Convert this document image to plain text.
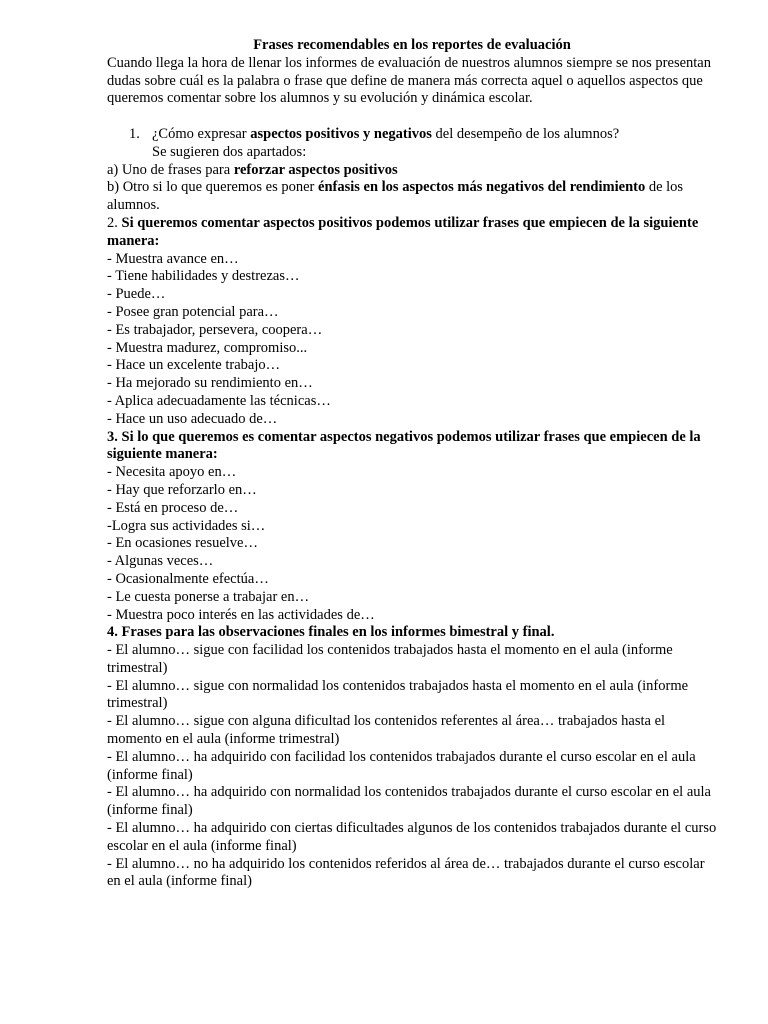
Frases recomendables en los reportes de evaluación
Cuando llega la hora de llenar los informes de evaluación de nuestros alumnos siempre se nos presentan dudas sobre cuál es la palabra o frase que define de manera más correcta aquel o aquellos aspectos que queremos comentar sobre los alumnos y su evolución y dinámica escolar.
1. ¿Cómo expresar aspectos positivos y negativos del desempeño de los alumnos?
Se sugieren dos apartados:
a) Uno de frases para reforzar aspectos positivos
b) Otro si lo que queremos es poner énfasis en los aspectos más negativos del rendimiento de los alumnos.
2. Si queremos comentar aspectos positivos podemos utilizar frases que empiecen de la siguiente manera:
- Muestra avance en…
- Tiene habilidades y destrezas…
- Puede…
- Posee gran potencial para…
- Es trabajador, persevera, coopera…
- Muestra madurez, compromiso...
- Hace un excelente trabajo…
- Ha mejorado su rendimiento en…
- Aplica adecuadamente las técnicas…
- Hace un uso adecuado de…
3. Si lo que queremos es comentar aspectos negativos podemos utilizar frases que empiecen de la siguiente manera:
- Necesita apoyo en…
- Hay que reforzarlo en…
- Está en proceso de…
-Logra sus actividades si…
- En ocasiones resuelve…
- Algunas veces…
- Ocasionalmente efectúa…
- Le cuesta ponerse a trabajar en…
- Muestra poco interés en las actividades de…
4. Frases para las observaciones finales en los informes bimestral y final.
- El alumno… sigue con facilidad los contenidos trabajados hasta el momento en el aula (informe trimestral)
- El alumno… sigue con normalidad los contenidos trabajados hasta el momento en el aula (informe trimestral)
- El alumno… sigue con alguna dificultad los contenidos referentes al área… trabajados hasta el momento en el aula (informe trimestral)
- El alumno… ha adquirido con facilidad los contenidos trabajados durante el curso escolar en el aula (informe final)
- El alumno… ha adquirido con normalidad los contenidos trabajados durante el curso escolar en el aula (informe final)
- El alumno… ha adquirido con ciertas dificultades algunos de los contenidos trabajados durante el curso escolar en el aula (informe final)
- El alumno… no ha adquirido los contenidos referidos al área de… trabajados durante el curso escolar en el aula (informe final)
